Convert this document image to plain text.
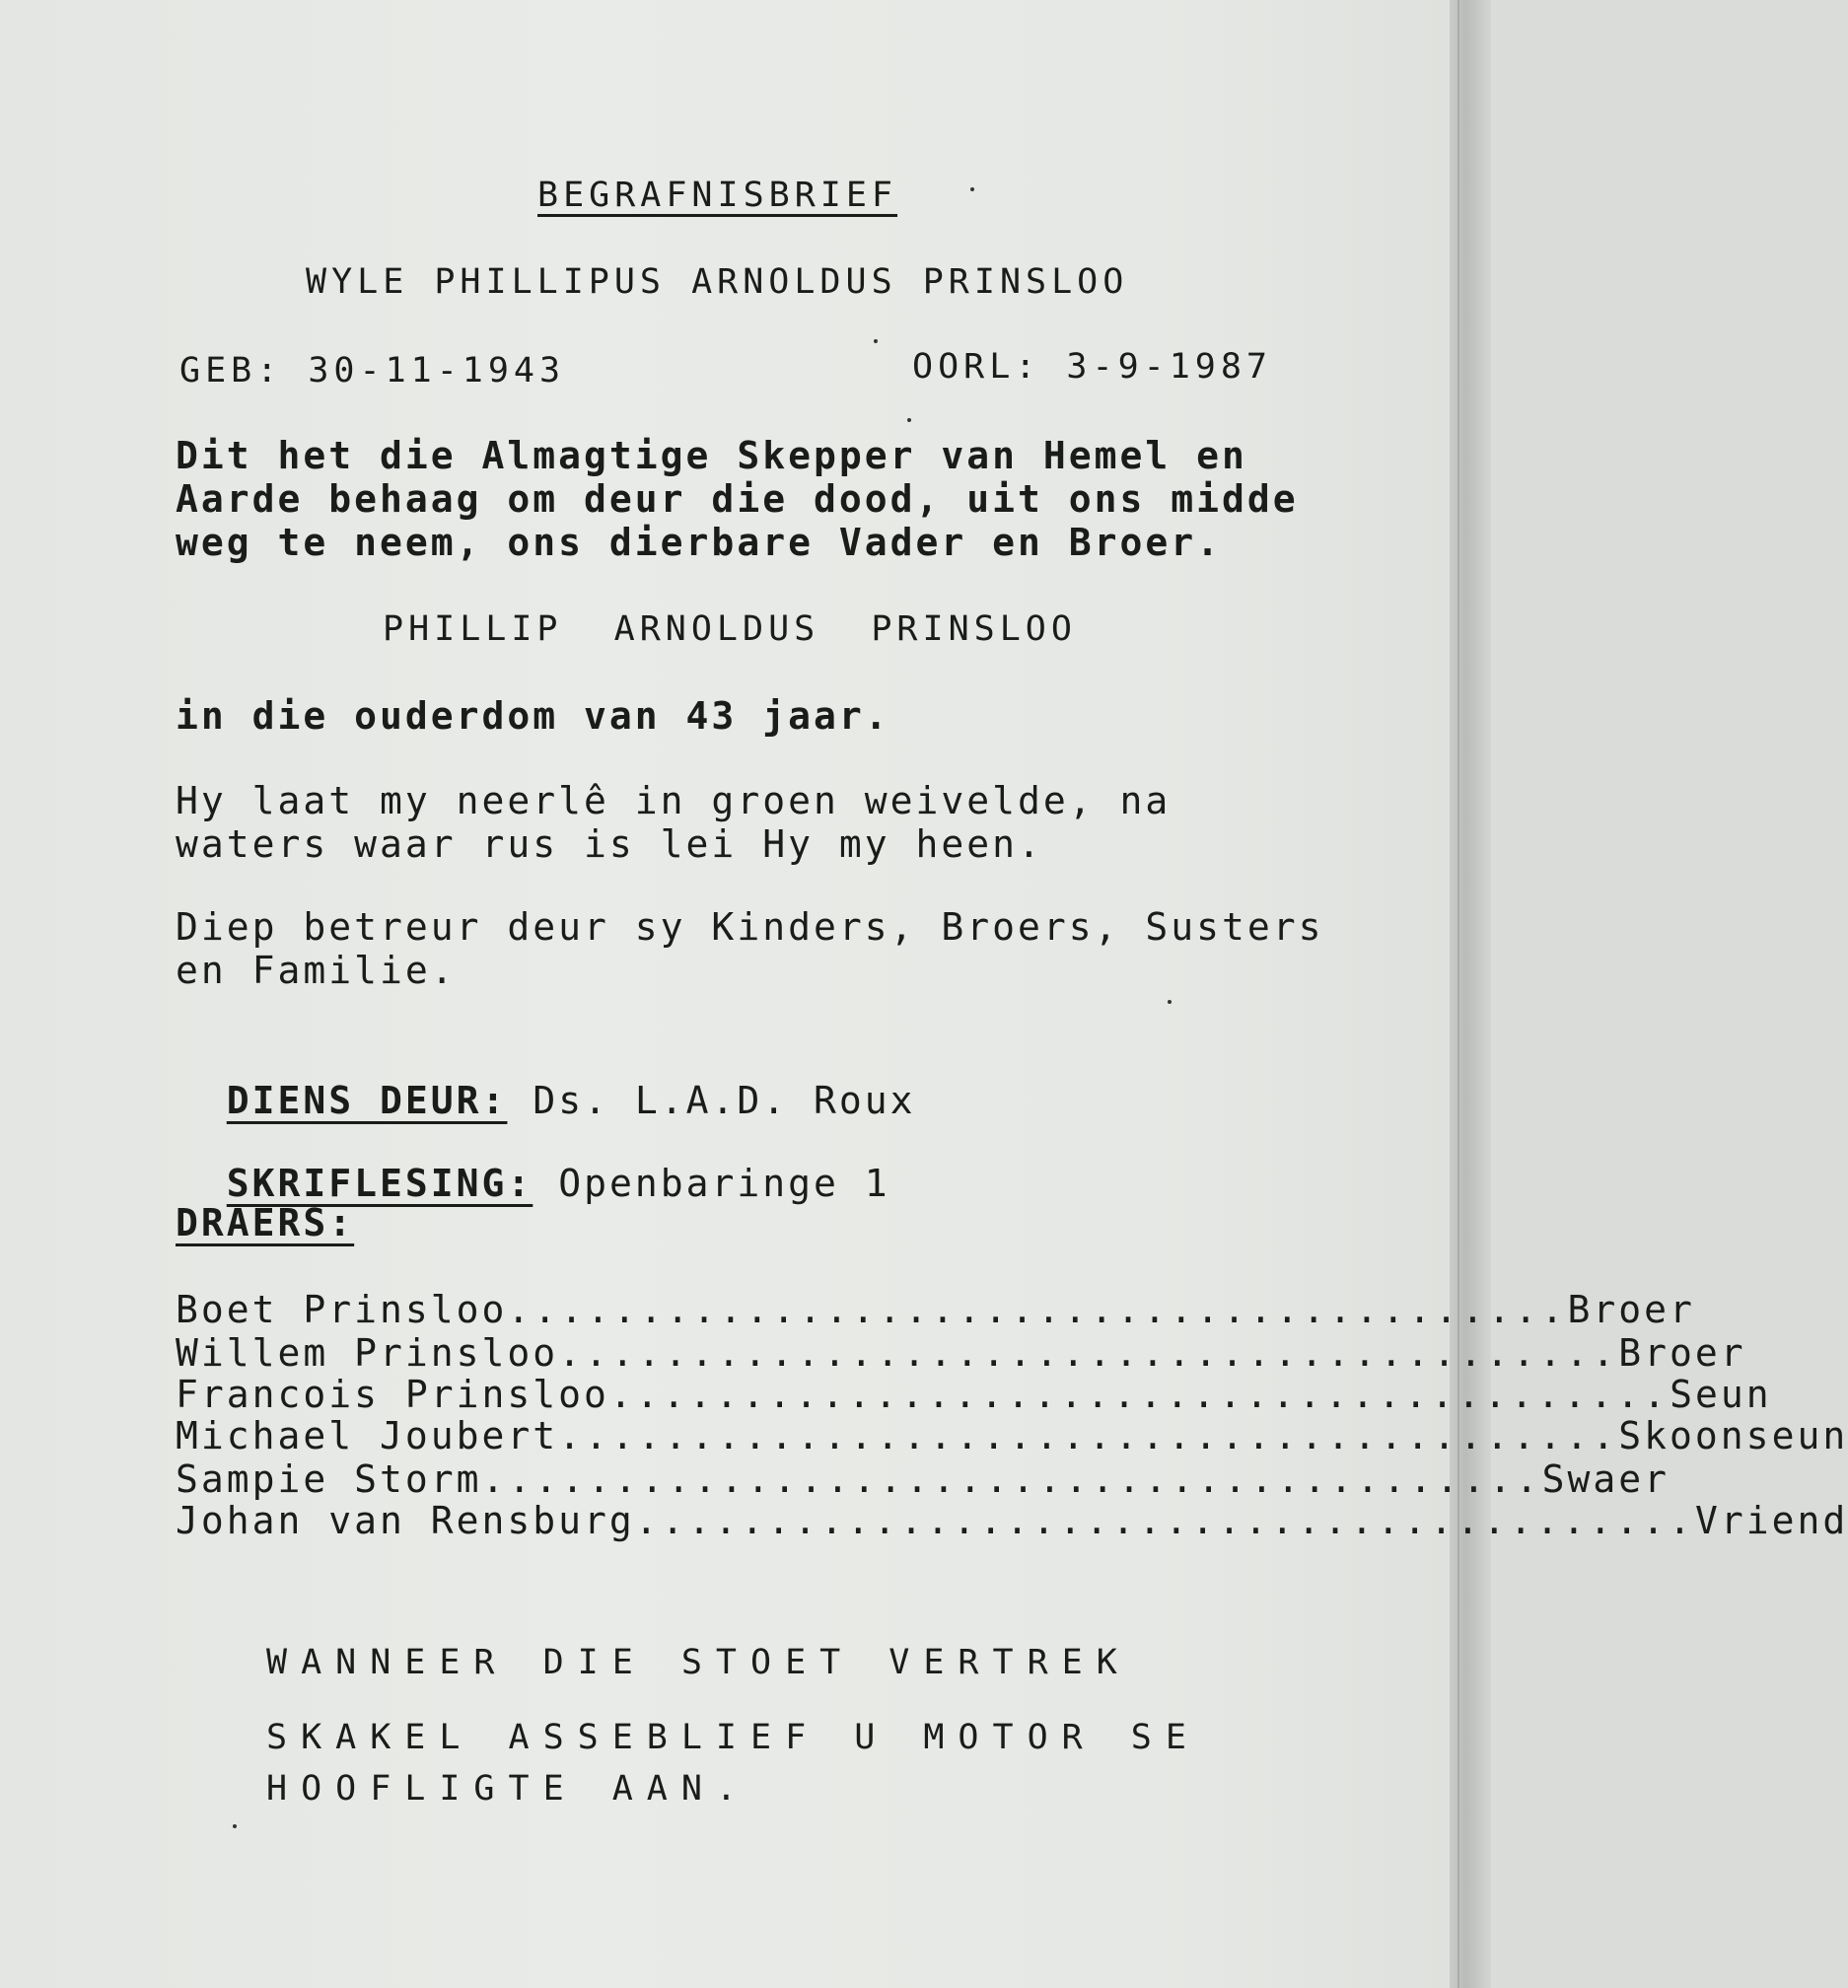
BEGRAFNISBRIEF
WYLE PHILLIPUS ARNOLDUS PRINSLOO
GEB: 30-11-1943	OORL: 3-9-1987
Dit het die Almagtige Skepper van Hemel en
Aarde behaag om deur die dood, uit ons midde
weg te neem, ons dierbare Vader en Broer.
PHILLIP  ARNOLDUS  PRINSLOO
in die ouderdom van 43 jaar.
Hy laat my neerlê in groen weivelde, na
waters waar rus is lei Hy my heen.
Diep betreur deur sy Kinders, Broers, Susters
en Familie.

DIENS DEUR: Ds. L.A.D. Roux

SKRIFLESING: Openbaringe 1

DRAERS:
Boet Prinsloo ........................................ Broer
Willem Prinsloo ........................................ Broer
Francois Prinsloo ........................................ Seun
Michael Joubert ........................................ Skoonseun
Sampie Storm ........................................ Swaer
Johan van Rensburg ........................................ Vriend
WANNEER DIE STOET VERTREK
SKAKEL ASSEBLIEF U MOTOR SE
HOOFLIGTE AAN.
